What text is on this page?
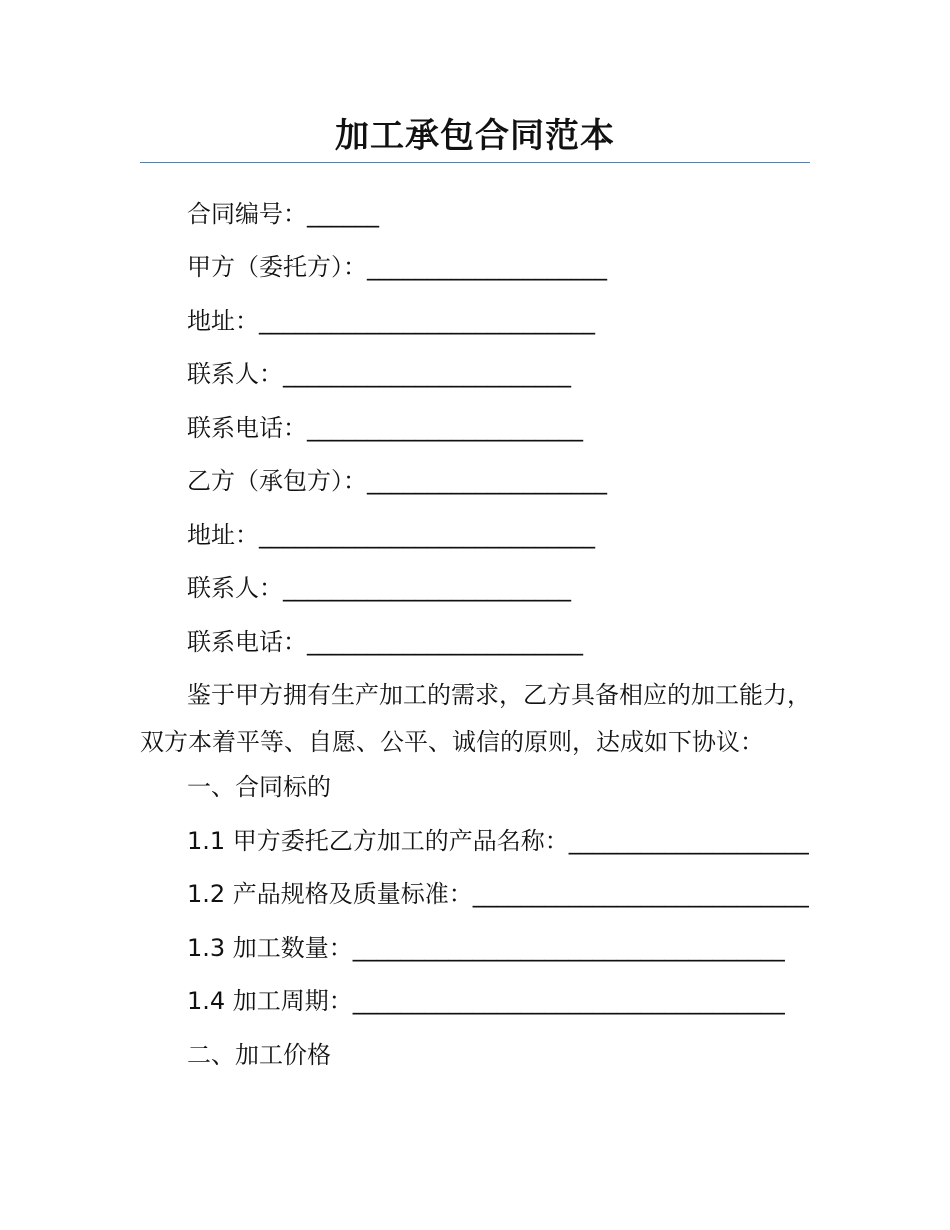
加工承包合同范本
合同编号：______
甲方（委托方）：____________________
地址：____________________________
联系人：________________________
联系电话：_______________________
乙方（承包方）：____________________
地址：____________________________
联系人：________________________
联系电话：_______________________
鉴于甲方拥有生产加工的需求，乙方具备相应的加工能力，双方本着平等、自愿、公平、诚信的原则，达成如下协议：
一、合同标的
1.1 甲方委托乙方加工的产品名称：____________________
1.2 产品规格及质量标准：____________________________
1.3 加工数量：____________________________________
1.4 加工周期：____________________________________
二、加工价格
